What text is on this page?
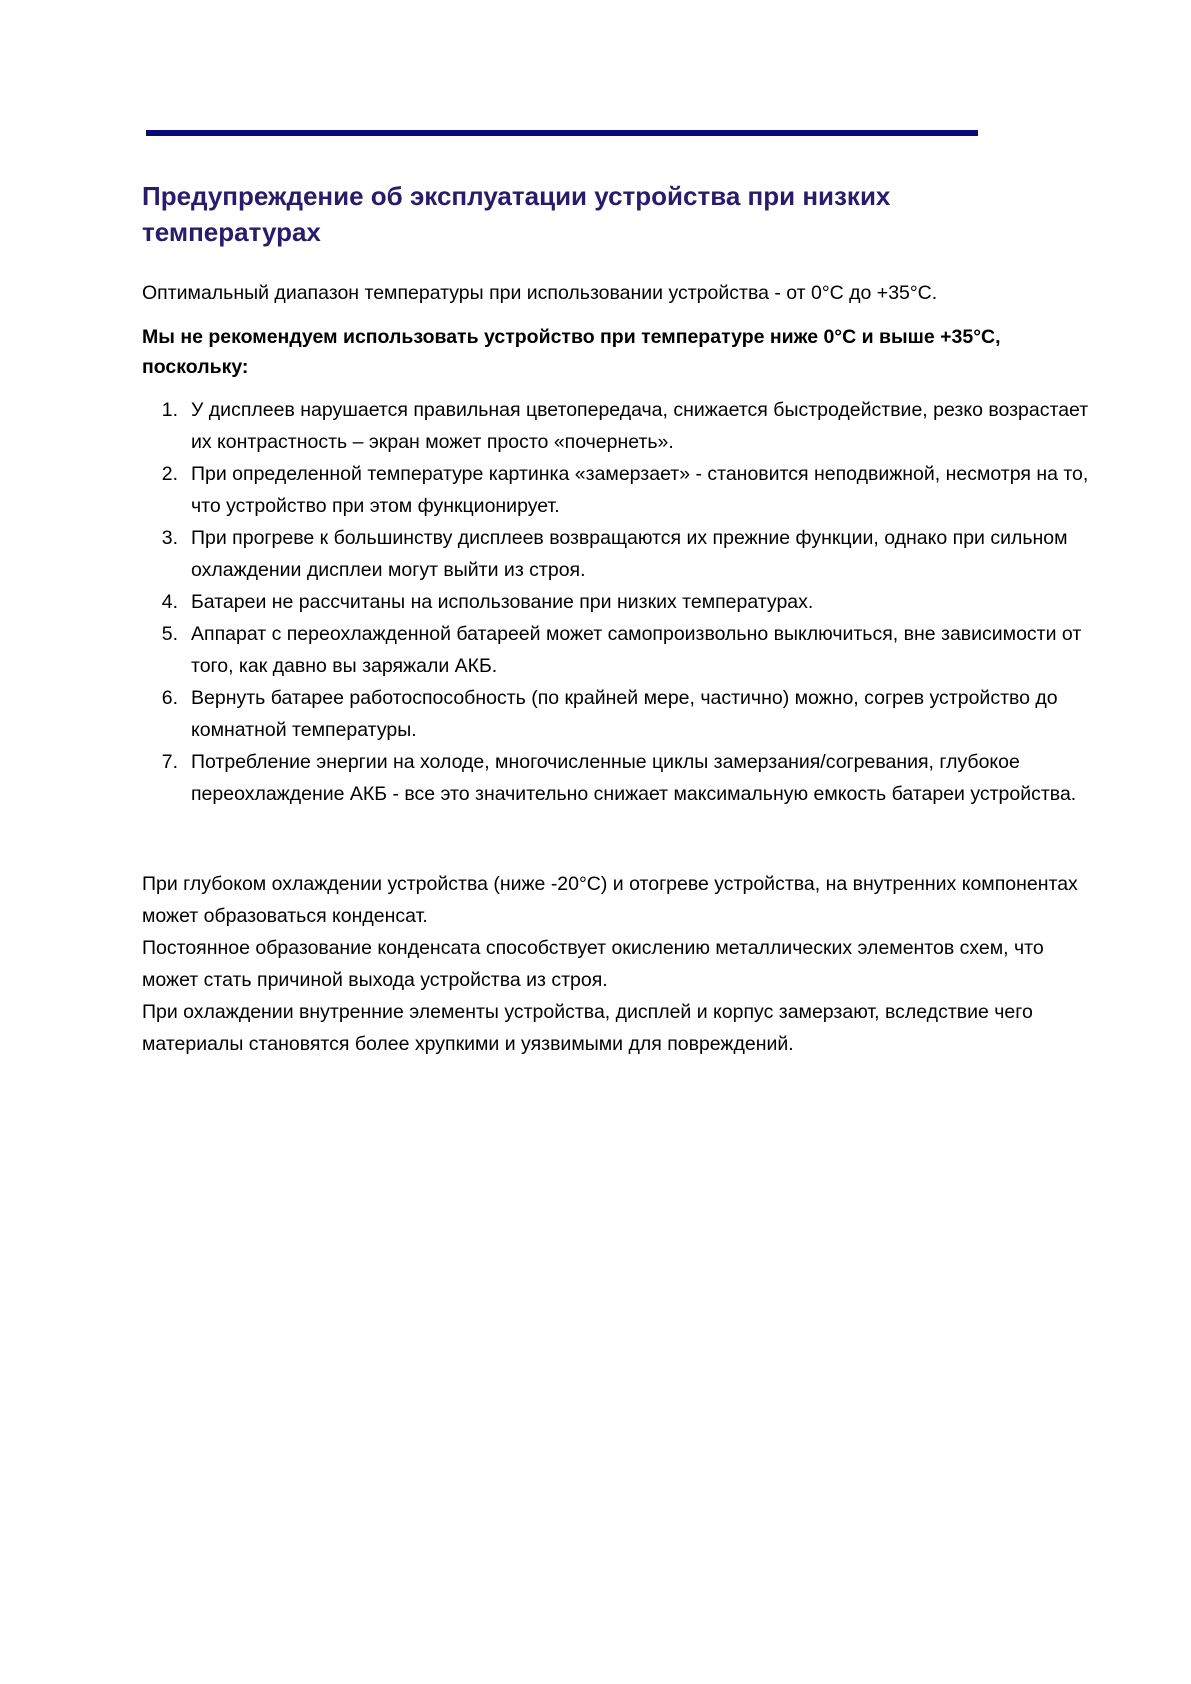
Предупреждение об эксплуатации устройства при низких температурах

Оптимальный диапазон температуры при использовании устройства - от 0°C до +35°C.

Мы не рекомендуем использовать устройство при температуре ниже 0°C и выше +35°C, поскольку:

1. У дисплеев нарушается правильная цветопередача, снижается быстродействие, резко возрастает их контрастность – экран может просто «почернеть».
2. При определенной температуре картинка «замерзает» - становится неподвижной, несмотря на то, что устройство при этом функционирует.
3. При прогреве к большинству дисплеев возвращаются их прежние функции, однако при сильном охлаждении дисплеи могут выйти из строя.
4. Батареи не рассчитаны на использование при низких температурах.
5. Аппарат с переохлажденной батареей может самопроизвольно выключиться, вне зависимости от того, как давно вы заряжали АКБ.
6. Вернуть батарее работоспособность (по крайней мере, частично) можно, согрев устройство до комнатной температуры.
7. Потребление энергии на холоде, многочисленные циклы замерзания/согревания, глубокое переохлаждение АКБ - все это значительно снижает максимальную емкость батареи устройства.

При глубоком охлаждении устройства (ниже -20°C) и отогреве устройства, на внутренних компонентах может образоваться конденсат.

Постоянное образование конденсата способствует окислению металлических элементов схем, что может стать причиной выхода устройства из строя.

При охлаждении внутренние элементы устройства, дисплей и корпус замерзают, вследствие чего материалы становятся более хрупкими и уязвимыми для повреждений.
